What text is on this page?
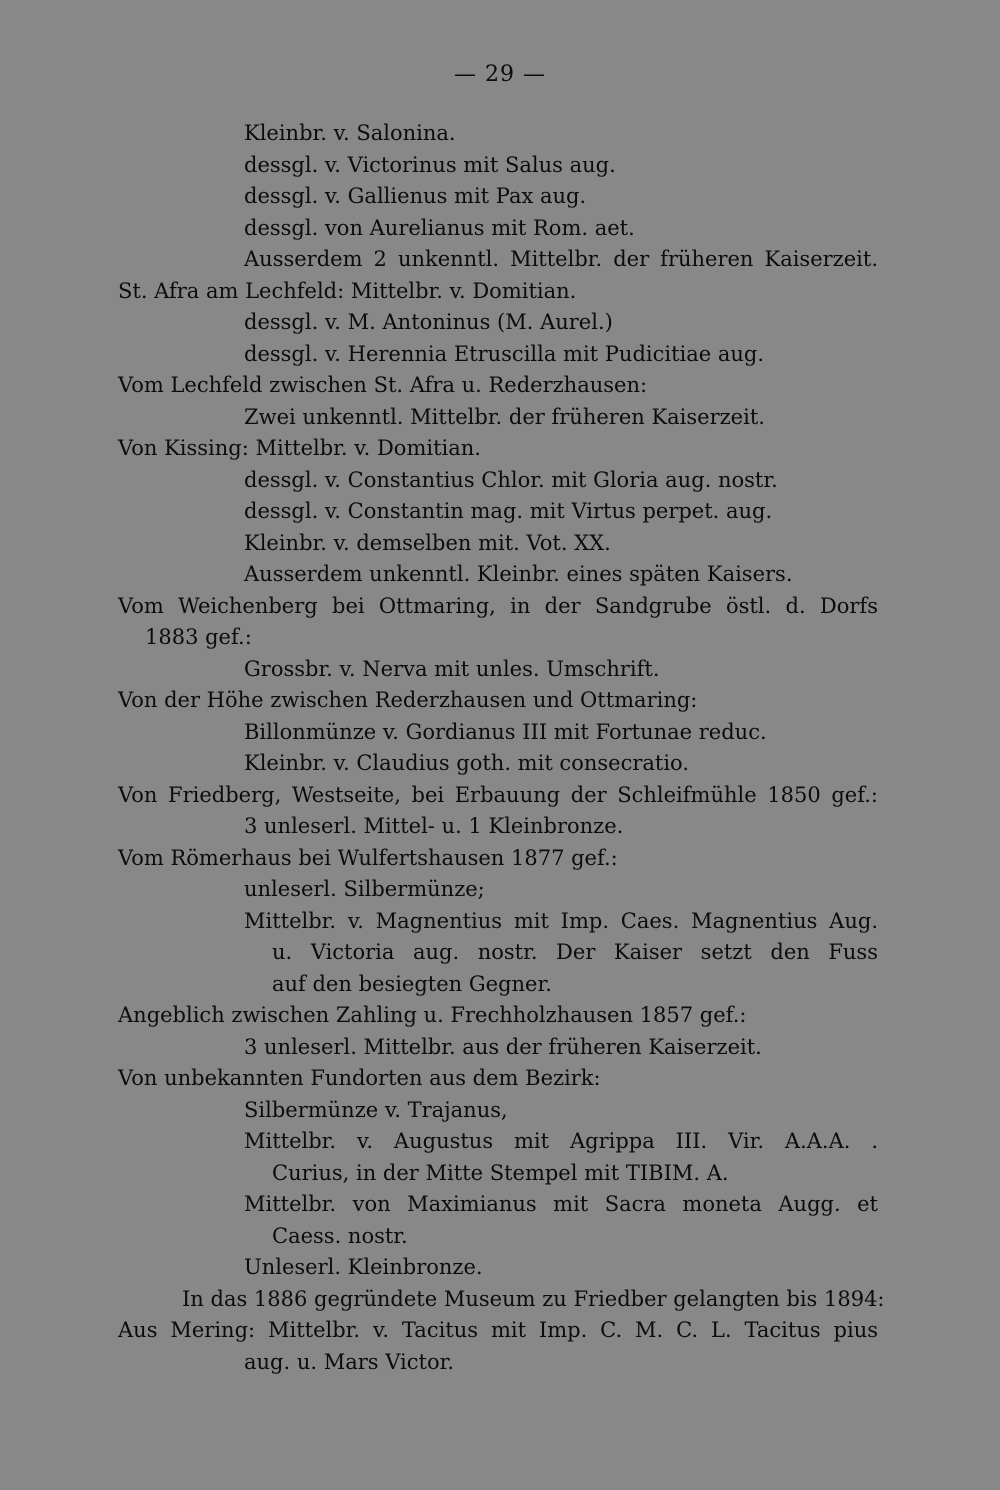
— 29 —
Kleinbr. v. Salonina.
dessgl. v. Victorinus mit Salus aug.
dessgl. v. Gallienus mit Pax aug.
dessgl. von Aurelianus mit Rom. aet.
Ausserdem 2 unkenntl. Mittelbr. der früheren Kaiserzeit.
St. Afra am Lechfeld: Mittelbr. v. Domitian.
dessgl. v. M. Antoninus (M. Aurel.)
dessgl. v. Herennia Etruscilla mit Pudicitiae aug.
Vom Lechfeld zwischen St. Afra u. Rederzhausen:
Zwei unkenntl. Mittelbr. der früheren Kaiserzeit.
Von Kissing: Mittelbr. v. Domitian.
dessgl. v. Constantius Chlor. mit Gloria aug. nostr.
dessgl. v. Constantin mag. mit Virtus perpet. aug.
Kleinbr. v. demselben mit. Vot. XX.
Ausserdem unkenntl. Kleinbr. eines späten Kaisers.
Vom Weichenberg bei Ottmaring, in der Sandgrube östl. d. Dorfs
1883 gef.:
Grossbr. v. Nerva mit unles. Umschrift.
Von der Höhe zwischen Rederzhausen und Ottmaring:
Billonmünze v. Gordianus III mit Fortunae reduc.
Kleinbr. v. Claudius goth. mit consecratio.
Von Friedberg, Westseite, bei Erbauung der Schleifmühle 1850 gef.:
3 unleserl. Mittel- u. 1 Kleinbronze.
Vom Römerhaus bei Wulfertshausen 1877 gef.:
unleserl. Silbermünze;
Mittelbr. v. Magnentius mit Imp. Caes. Magnentius Aug.
u. Victoria aug. nostr. Der Kaiser setzt den Fuss
auf den besiegten Gegner.
Angeblich zwischen Zahling u. Frechholzhausen 1857 gef.:
3 unleserl. Mittelbr. aus der früheren Kaiserzeit.
Von unbekannten Fundorten aus dem Bezirk:
Silbermünze v. Trajanus,
Mittelbr. v. Augustus mit Agrippa III. Vir. A.A.A. .
Curius, in der Mitte Stempel mit TIBIM. A.
Mittelbr. von Maximianus mit Sacra moneta Augg. et
Caess. nostr.
Unleserl. Kleinbronze.
In das 1886 gegründete Museum zu Friedber gelangten bis 1894:
Aus Mering: Mittelbr. v. Tacitus mit Imp. C. M. C. L. Tacitus pius
aug. u. Mars Victor.
